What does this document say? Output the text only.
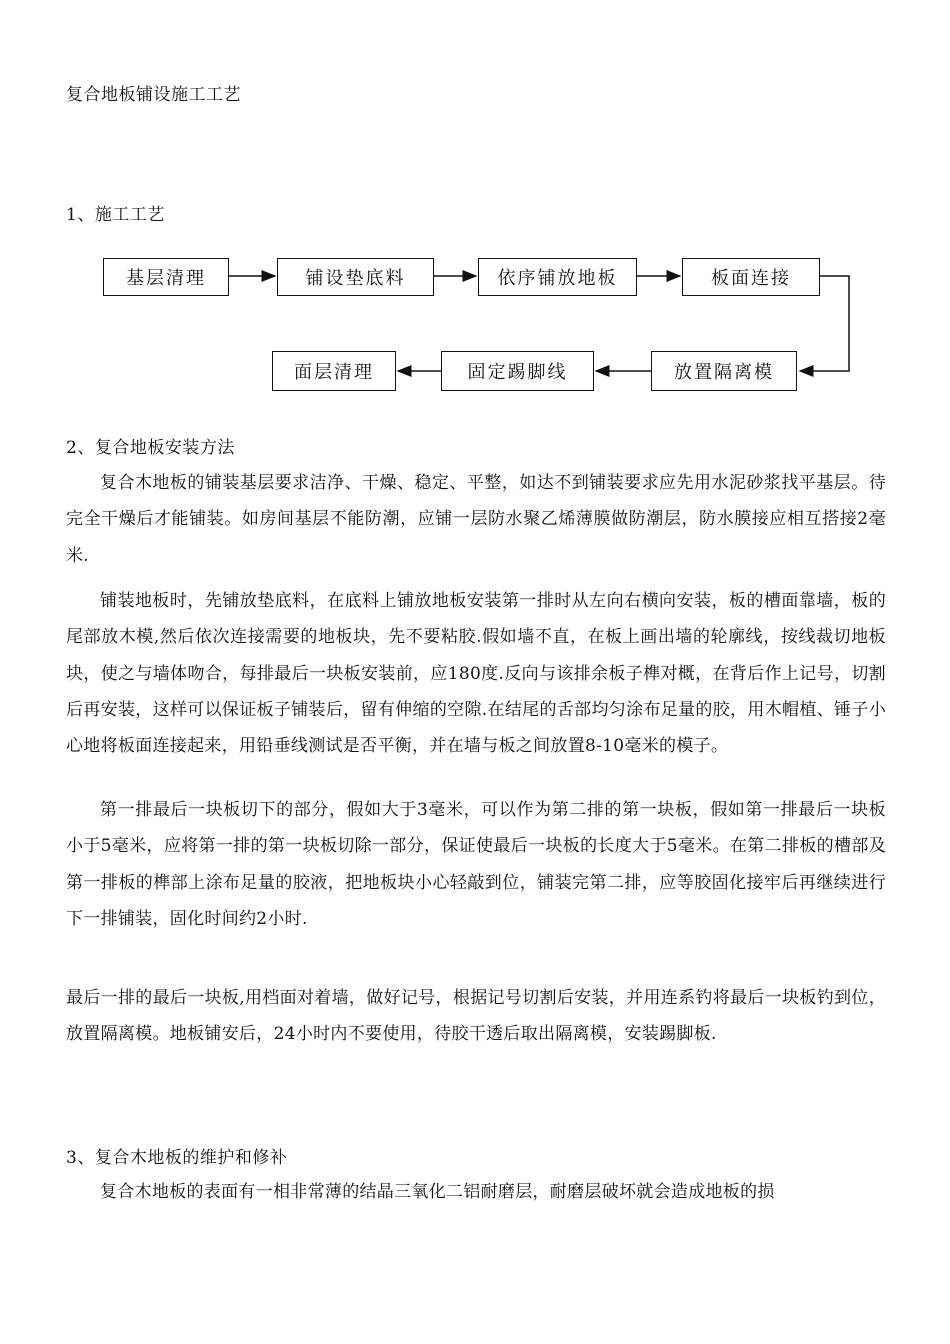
复合地板铺设施工工艺
1、施工工艺
基层清理	铺设垫底料	依序铺放地板	板面连接
面层清理	固定踢脚线	放置隔离模
2、复合地板安装方法
复合木地板的铺装基层要求洁净、干燥、稳定、平整，如达不到铺装要求应先用水泥砂浆找平基层。待完全干燥后才能铺装。如房间基层不能防潮，应铺一层防水聚乙烯薄膜做防潮层，防水膜接应相互搭接2毫米.
铺装地板时，先铺放垫底料，在底料上铺放地板安装第一排时从左向右横向安装，板的槽面靠墙，板的尾部放木模,然后依次连接需要的地板块，先不要粘胶.假如墙不直，在板上画出墙的轮廓线，按线裁切地板块，使之与墙体吻合，每排最后一块板安装前，应180度.反向与该排余板子榫对概，在背后作上记号，切割后再安装，这样可以保证板子铺装后，留有伸缩的空隙.在结尾的舌部均匀涂布足量的胶，用木帽植、锤子小心地将板面连接起来，用铅垂线测试是否平衡，并在墙与板之间放置8-10毫米的模子。
第一排最后一块板切下的部分，假如大于3毫米，可以作为第二排的第一块板，假如第一排最后一块板小于5毫米，应将第一排的第一块板切除一部分，保证使最后一块板的长度大于5毫米。在第二排板的槽部及第一排板的榫部上涂布足量的胶液，把地板块小心轻敲到位，铺装完第二排，应等胶固化接牢后再继续进行下一排铺装，固化时间约2小时.
最后一排的最后一块板,用档面对着墙，做好记号，根据记号切割后安装，并用连系钓将最后一块板钓到位，放置隔离模。地板铺安后，24小时内不要使用，待胶干透后取出隔离模，安装踢脚板.
3、复合木地板的维护和修补
复合木地板的表面有一相非常薄的结晶三氧化二铝耐磨层，耐磨层破坏就会造成地板的损
